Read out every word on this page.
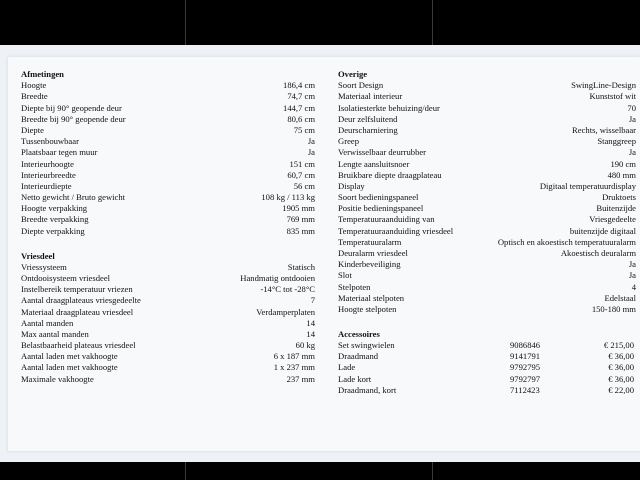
Afmetingen
Hoogte	186,4 cm
Breedte	74,7 cm
Diepte bij 90° geopende deur	144,7 cm
Breedte bij 90° geopende deur	80,6 cm
Diepte	75 cm
Tussenbouwbaar	Ja
Plaatsbaar tegen muur	Ja
Interieurhoogte	151 cm
Interieurbreedte	60,7 cm
Interieurdiepte	56 cm
Netto gewicht / Bruto gewicht	108 kg / 113 kg
Hoogte verpakking	1905 mm
Breedte verpakking	769 mm
Diepte verpakking	835 mm
Vriesdeel
Vriessysteem	Statisch
Ontdooisysteem vriesdeel	Handmatig ontdooien
Instelbereik temperatuur vriezen	-14°C tot -28°C
Aantal draagplateaus vriesgedeelte	7
Materiaal draagplateau vriesdeel	Verdamperplaten
Aantal manden	14
Max aantal manden	14
Belastbaarheid plateaus vriesdeel	60 kg
Aantal laden met vakhoogte	6 x 187 mm
Aantal laden met vakhoogte	1 x 237 mm
Maximale vakhoogte	237 mm
Overige
Soort Design	SwingLine-Design
Materiaal interieur	Kunststof wit
Isolatiesterkte behuizing/deur	70
Deur zelfsluitend	Ja
Deurscharniering	Rechts, wisselbaar
Greep	Stanggreep
Verwisselbaar deurrubber	Ja
Lengte aansluitsnoer	190 cm
Bruikbare diepte draagplateau	480 mm
Display	Digitaal temperatuurdisplay
Soort bedieningspaneel	Druktoets
Positie bedieningspaneel	Buitenzijde
Temperatuuraanduiding van	Vriesgedeelte
Temperatuuraanduiding vriesdeel	buitenzijde digitaal
Temperatuuralarm	Optisch en akoestisch temperatuuralarm
Deuralarm vriesdeel	Akoestisch deuralarm
Kinderbeveiliging	Ja
Slot	Ja
Stelpoten	4
Materiaal stelpoten	Edelstaal
Hoogte stelpoten	150-180 mm
Accessoires
Set swingwielen	9086846	€ 215,00
Draadmand	9141791	€ 36,00
Lade	9792795	€ 36,00
Lade kort	9792797	€ 36,00
Draadmand, kort	7112423	€ 22,00
